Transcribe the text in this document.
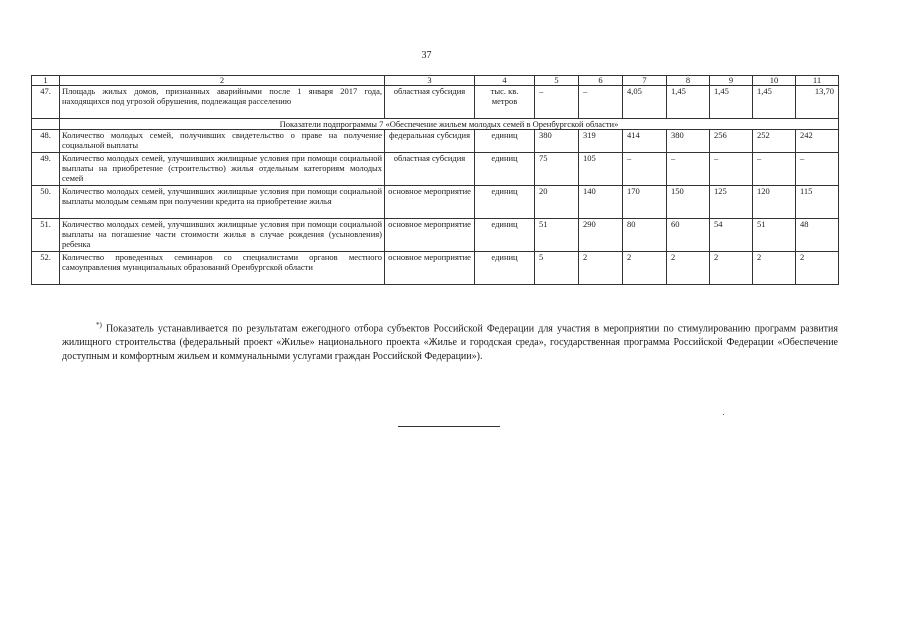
37
1	2	3	4	5	6	7	8	9	10	11
47.	Площадь жилых домов, признанных аварийными после 1 января 2017 года, находящихся под угрозой обрушения, подлежащая расселению	областная субсидия	тыс. кв. метров	–	–	4,05	1,45	1,45	1,45	13,70
	Показатели подпрограммы 7 «Обеспечение жильем молодых семей в Оренбургской области»									
48.	Количество молодых семей, получивших свидетельство о праве на получение социальной выплаты	федеральная субсидия	единиц	380	319	414	380	256	252	242
49.	Количество молодых семей, улучшивших жилищные условия при помощи социальной выплаты на приобретение (строительство) жилья отдельным категориям молодых семей	областная субсидия	единиц	75	105	–	–	–	–	–
50.	Количество молодых семей, улучшивших жилищные условия при помощи социальной выплаты молодым семьям при получении кредита на приобретение жилья	основное мероприятие	единиц	20	140	170	150	125	120	115
51.	Количество молодых семей, улучшивших жилищные условия при помощи социальной выплаты на погашение части стоимости жилья в случае рождения (усыновления) ребенка	основное мероприятие	единиц	51	290	80	60	54	51	48
52.	Количество проведенных семинаров со специалистами органов местного самоуправления муниципальных образований Оренбургской области	основное мероприятие	единиц	5	2	2	2	2	2	2
*) Показатель устанавливается по результатам ежегодного отбора субъектов Российской Федерации для участия в мероприятии по стимулированию программ развития жилищного строительства (федеральный проект «Жилье» национального проекта «Жилье и городская среда», государственная программа Российской Федерации «Обеспечение доступным и комфортным жильем и коммунальными услугами граждан Российской Федерации»).
